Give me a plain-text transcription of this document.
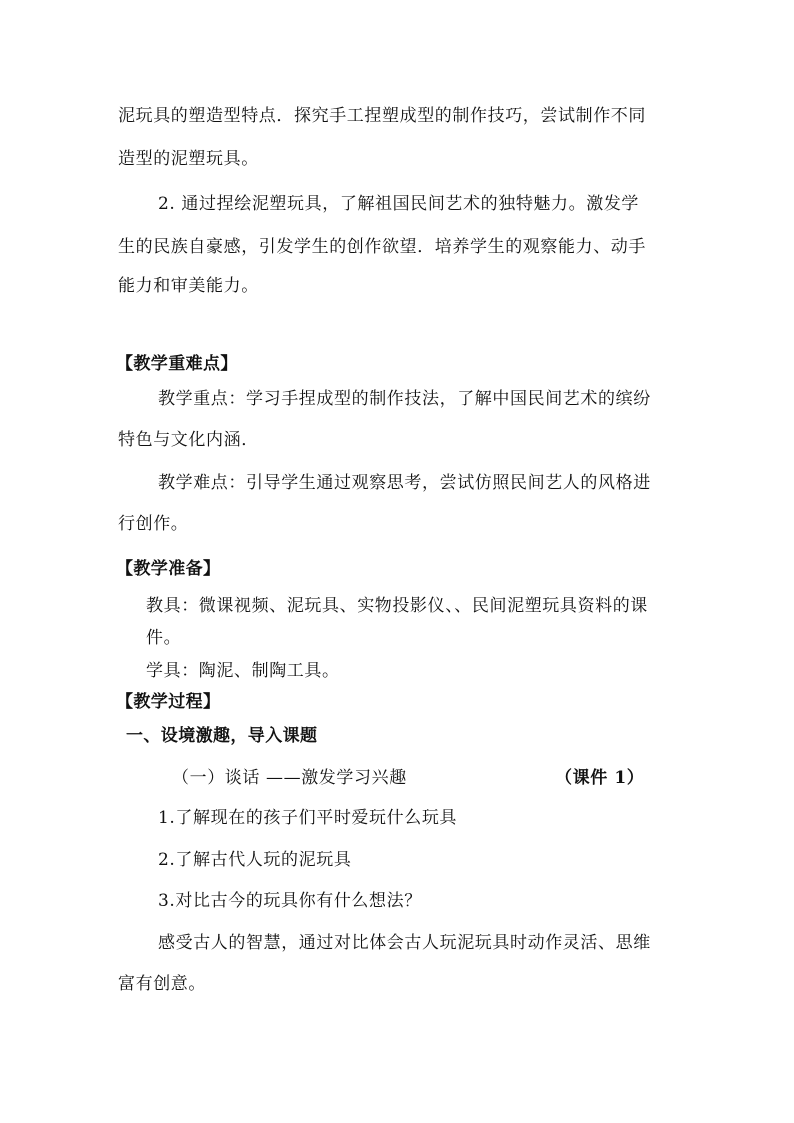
泥玩具的塑造型特点．探究手工捏塑成型的制作技巧，尝试制作不同
造型的泥塑玩具。
2. 通过捏绘泥塑玩具，了解祖国民间艺术的独特魅力。激发学
生的民族自豪感，引发学生的创作欲望．培养学生的观察能力、动手
能力和审美能力。
【教学重难点】
教学重点：学习手捏成型的制作技法，了解中国民间艺术的缤纷
特色与文化内涵．
教学难点：引导学生通过观察思考，尝试仿照民间艺人的风格进
行创作。
【教学准备】
教具：微课视频、泥玩具、实物投影仪、、民间泥塑玩具资料的课
件。
学具：陶泥、制陶工具。
【教学过程】
一、设境激趣，导入课题
（一）谈话 ——激发学习兴趣	（课件 1）
1.了解现在的孩子们平时爱玩什么玩具
2.了解古代人玩的泥玩具
3.对比古今的玩具你有什么想法？
感受古人的智慧，通过对比体会古人玩泥玩具时动作灵活、思维
富有创意。
